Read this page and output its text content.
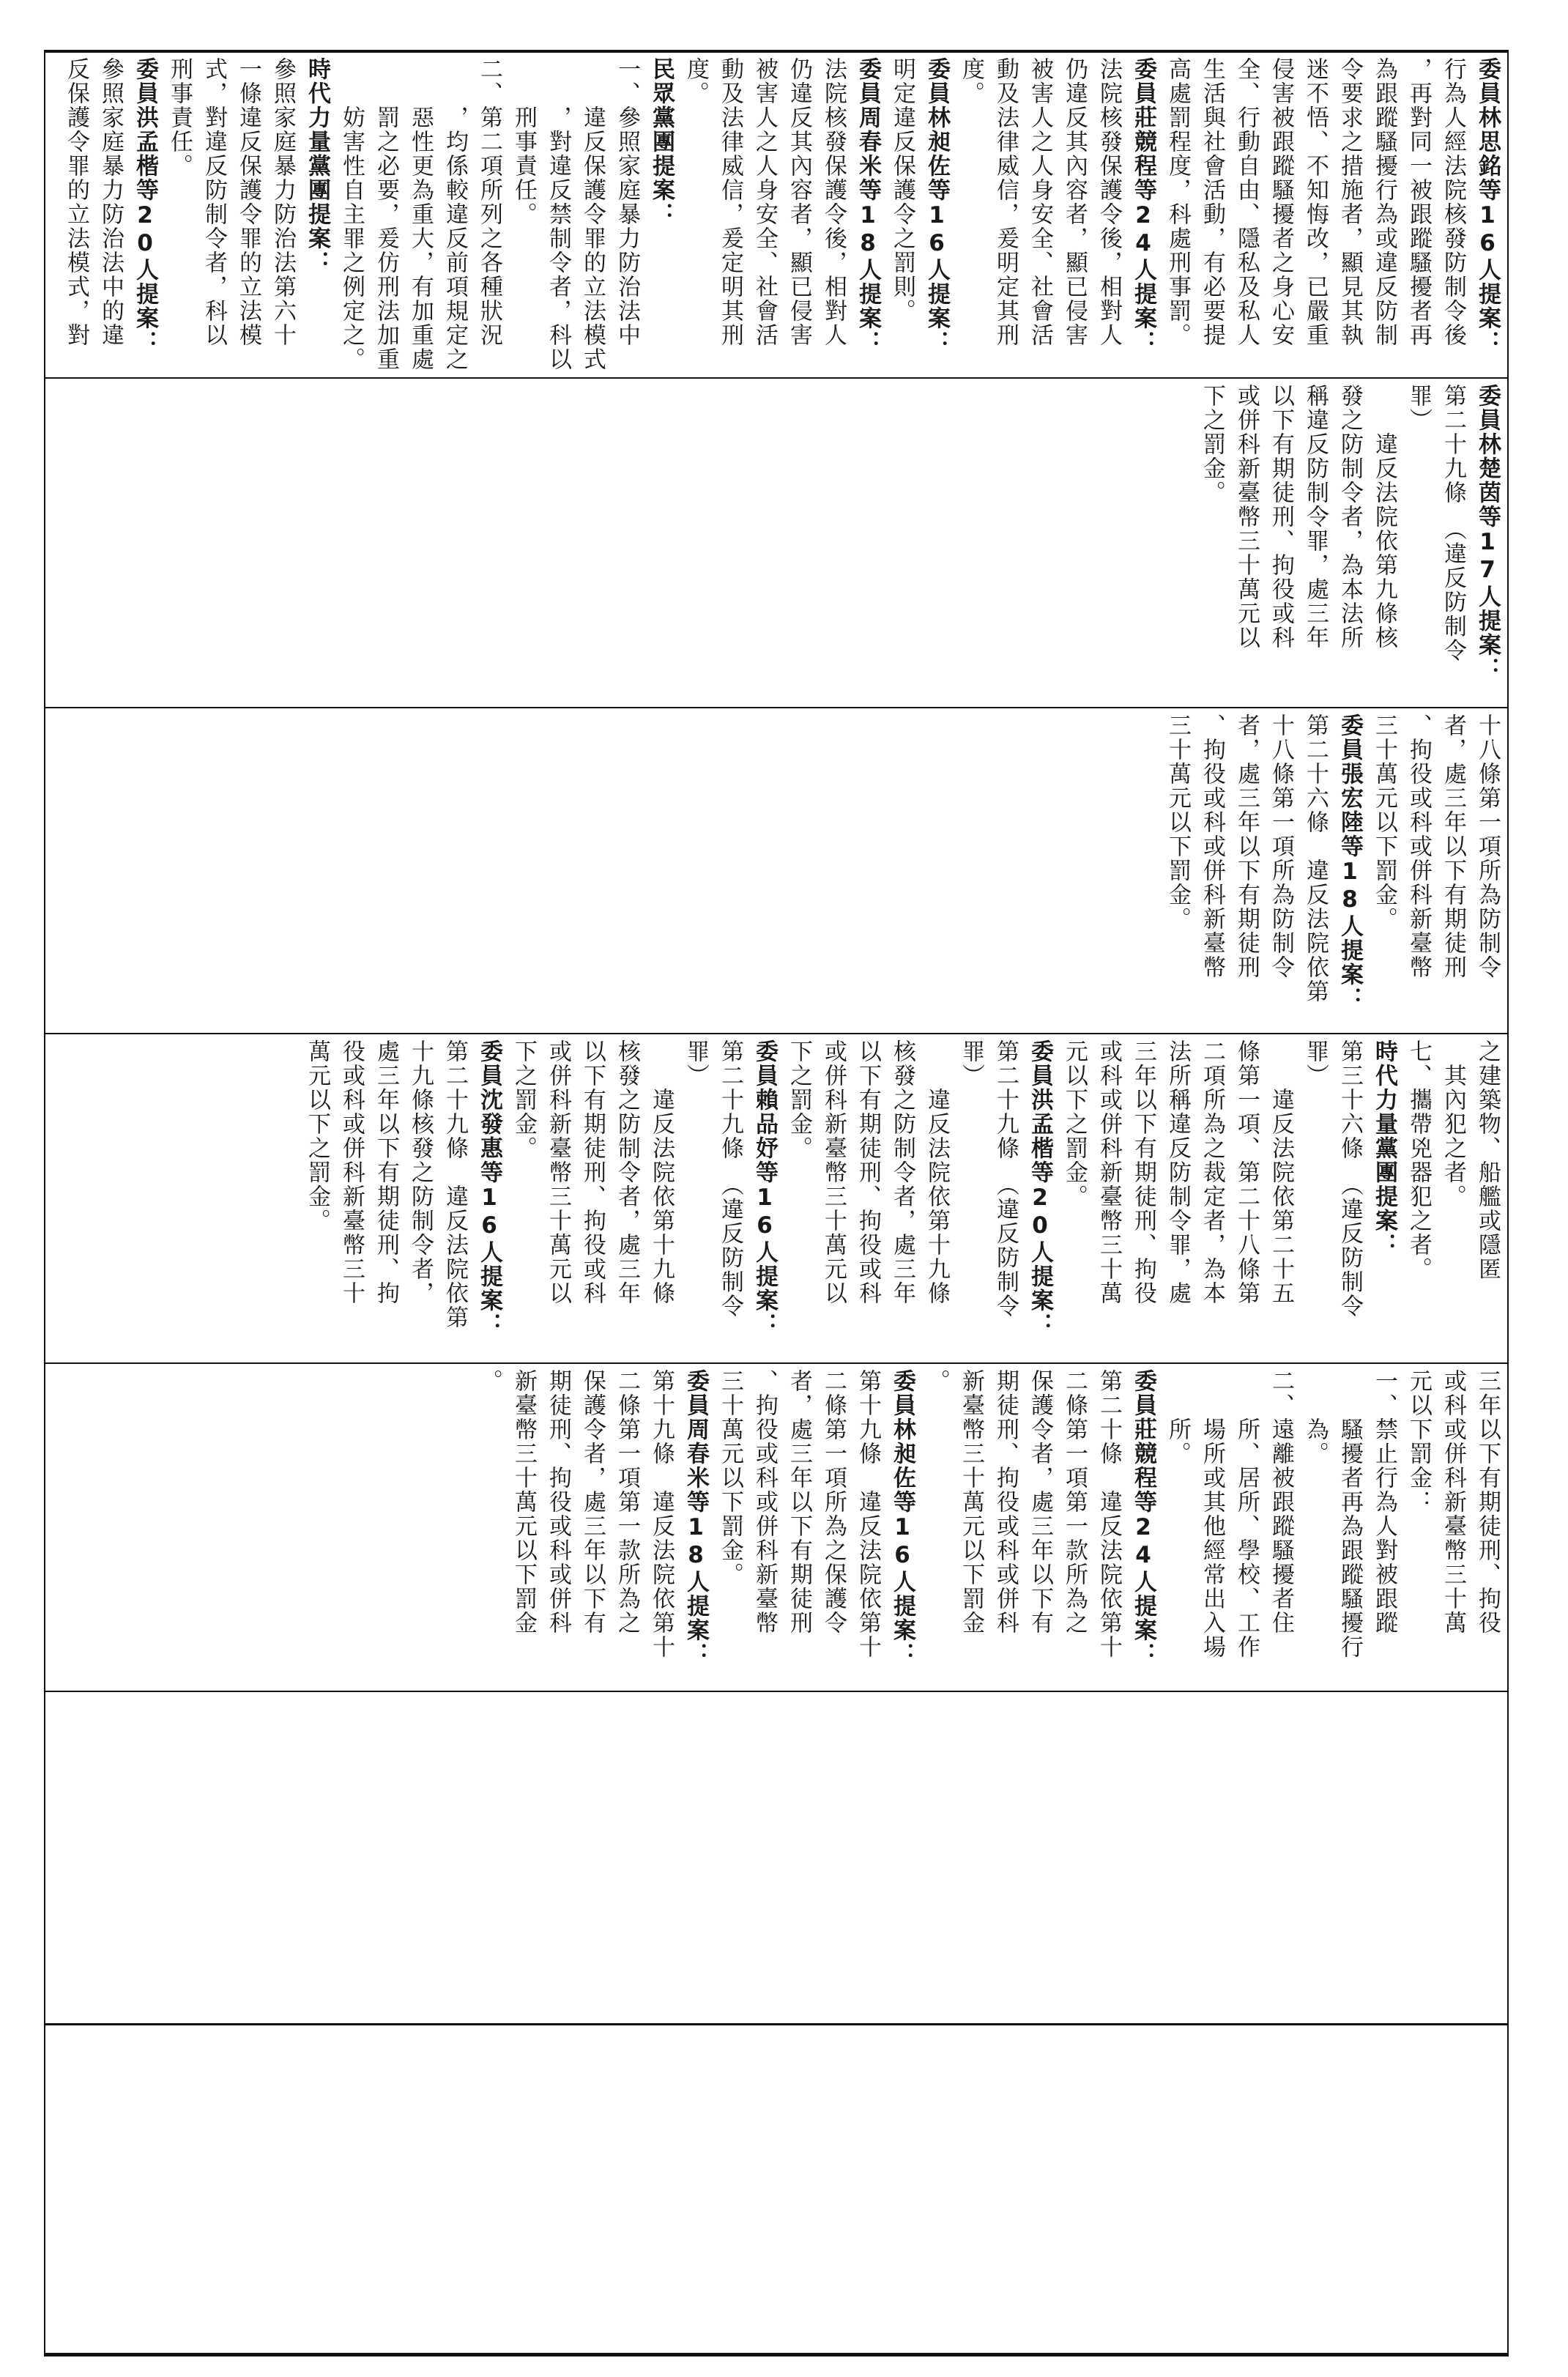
委員林思銘等16人提案：

行為人經法院核發防制令後

，再對同一被跟蹤騷擾者再

為跟蹤騷擾行為或違反防制

令要求之措施者，顯見其執

迷不悟、不知悔改，已嚴重

侵害被跟蹤騷擾者之身心安

全、行動自由、隱私及私人

生活與社會活動，有必要提

高處罰程度，科處刑事罰。

委員莊競程等24人提案：

法院核發保護令後，相對人

仍違反其內容者，顯已侵害

被害人之人身安全、社會活

動及法律威信，爰明定其刑

度。

委員林昶佐等16人提案：

明定違反保護令之罰則。

委員周春米等18人提案：

法院核發保護令後，相對人

仍違反其內容者，顯已侵害

被害人之人身安全、社會活

動及法律威信，爰定明其刑

度。

民眾黨團提案：

一、參照家庭暴力防治法中

　　違反保護令罪的立法模式

　　，對違反禁制令者，科以

　　刑事責任。

二、第二項所列之各種狀況

　　，均係較違反前項規定之

　　惡性更為重大，有加重處

　　罰之必要，爰仿刑法加重

　　妨害性自主罪之例定之。

時代力量黨團提案：

參照家庭暴力防治法第六十

一條違反保護令罪的立法模

式，對違反防制令者，科以

刑事責任。

委員洪孟楷等20人提案：

參照家庭暴力防治法中的違

反保護令罪的立法模式，對

委員林楚茵等17人提案：

第二十九條　（違反防制令

罪）

　　違反法院依第九條核

發之防制令者，為本法所

稱違反防制令罪，處三年

以下有期徒刑、拘役或科

或併科新臺幣三十萬元以

下之罰金。

十八條第一項所為防制令

者，處三年以下有期徒刑

、拘役或科或併科新臺幣

三十萬元以下罰金。

委員張宏陸等18人提案：

第二十六條　違反法院依第

十八條第一項所為防制令

者，處三年以下有期徒刑

、拘役或科或併科新臺幣

三十萬元以下罰金。

之建築物、船艦或隱匿

　其內犯之者。

七、攜帶兇器犯之者。

時代力量黨團提案：

第三十六條　（違反防制令

罪）

　　違反法院依第二十五

條第一項、第二十八條第

二項所為之裁定者，為本

法所稱違反防制令罪，處

三年以下有期徒刑、拘役

或科或併科新臺幣三十萬

元以下之罰金。

委員洪孟楷等20人提案：

第二十九條　（違反防制令

罪）

　　違反法院依第十九條

核發之防制令者，處三年

以下有期徒刑、拘役或科

或併科新臺幣三十萬元以

下之罰金。

委員賴品妤等16人提案：

第二十九條　（違反防制令

罪）

　　違反法院依第十九條

核發之防制令者，處三年

以下有期徒刑、拘役或科

或併科新臺幣三十萬元以

下之罰金。

委員沈發惠等16人提案：

第二十九條　違反法院依第

十九條核發之防制令者，

處三年以下有期徒刑、拘

役或科或併科新臺幣三十

萬元以下之罰金。

三年以下有期徒刑、拘役

或科或併科新臺幣三十萬

元以下罰金：

一、禁止行為人對被跟蹤

　　騷擾者再為跟蹤騷擾行

　　為。

二、遠離被跟蹤騷擾者住

　　所、居所、學校、工作

　　場所或其他經常出入場

　　所。

委員莊競程等24人提案：

第二十條　違反法院依第十

二條第一項第一款所為之

保護令者，處三年以下有

期徒刑、拘役或科或併科

新臺幣三十萬元以下罰金

。

委員林昶佐等16人提案：

第十九條　違反法院依第十

二條第一項所為之保護令

者，處三年以下有期徒刑

、拘役或科或併科新臺幣

三十萬元以下罰金。

委員周春米等18人提案：

第十九條　違反法院依第十

二條第一項第一款所為之

保護令者，處三年以下有

期徒刑、拘役或科或併科

新臺幣三十萬元以下罰金

。
